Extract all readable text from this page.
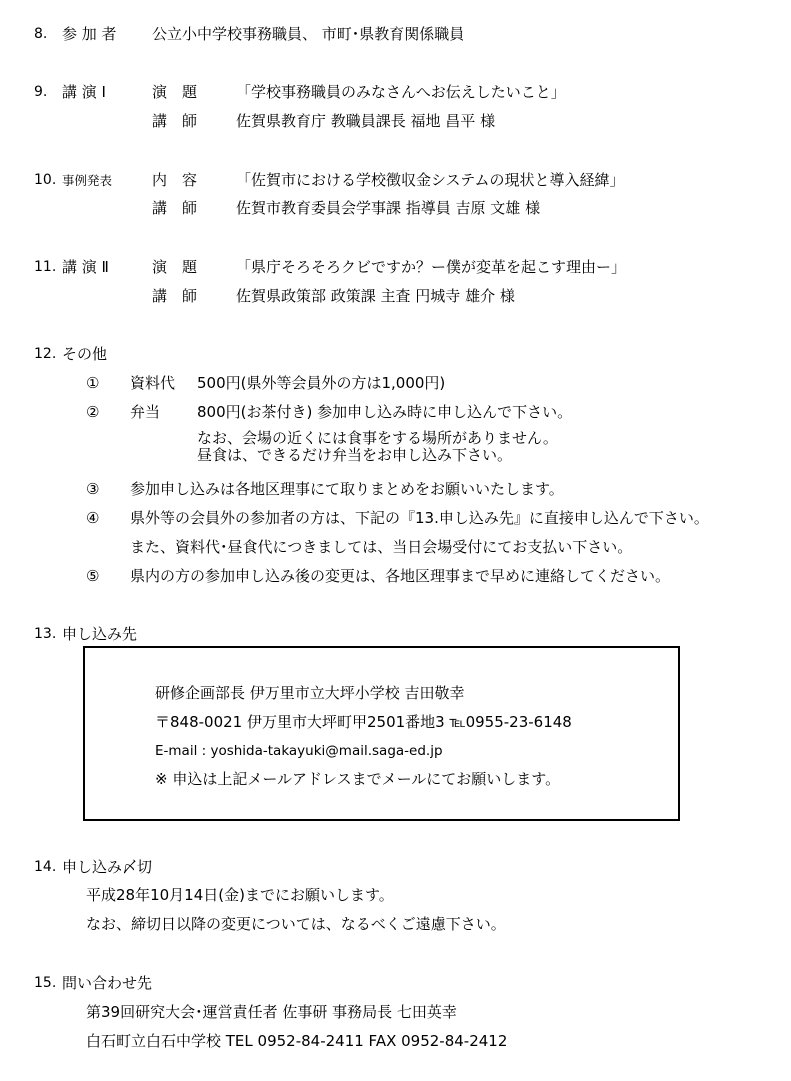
8. 参 加 者 公立小中学校事務職員、 市町･県教育関係職員
9. 講 演 Ⅰ	演　題	「学校事務職員のみなさんへお伝えしたいこと」
講　師	佐賀県教育庁 教職員課長 福地 昌平 様
10. 事例発表	内　容	「佐賀市における学校徴収金システムの現状と導入経緯」
講　師	佐賀市教育委員会学事課 指導員 吉原 文雄 様
11. 講 演 Ⅱ	演　題	「県庁そろそろクビですか？ー僕が変革を起こす理由ー」
講　師	佐賀県政策部 政策課 主査 円城寺 雄介 様
12. その他
① 資料代 500円(県外等会員外の方は1,000円)
② 弁当 800円(お茶付き) 参加申し込み時に申し込んで下さい。
なお、会場の近くには食事をする場所がありません。
昼食は、できるだけ弁当をお申し込み下さい。
③ 参加申し込みは各地区理事にて取りまとめをお願いいたします。
④ 県外等の会員外の参加者の方は、下記の『13.申し込み先』に直接申し込んで下さい。
また、資料代･昼食代につきましては、当日会場受付にてお支払い下さい。
⑤ 県内の方の参加申し込み後の変更は、各地区理事まで早めに連絡してください。
13. 申し込み先
研修企画部長 伊万里市立大坪小学校 吉田敬幸
〒848-0021 伊万里市大坪町甲2501番地3 ℡0955-23-6148
E-mail : yoshida-takayuki@mail.saga-ed.jp
※ 申込は上記メールアドレスまでメールにてお願いします。
14. 申し込み〆切
平成28年10月14日(金)までにお願いします。
なお、締切日以降の変更については、なるべくご遠慮下さい。
15. 問い合わせ先
第39回研究大会･運営責任者 佐事研 事務局長 七田英幸
白石町立白石中学校 TEL 0952-84-2411 FAX 0952-84-2412
